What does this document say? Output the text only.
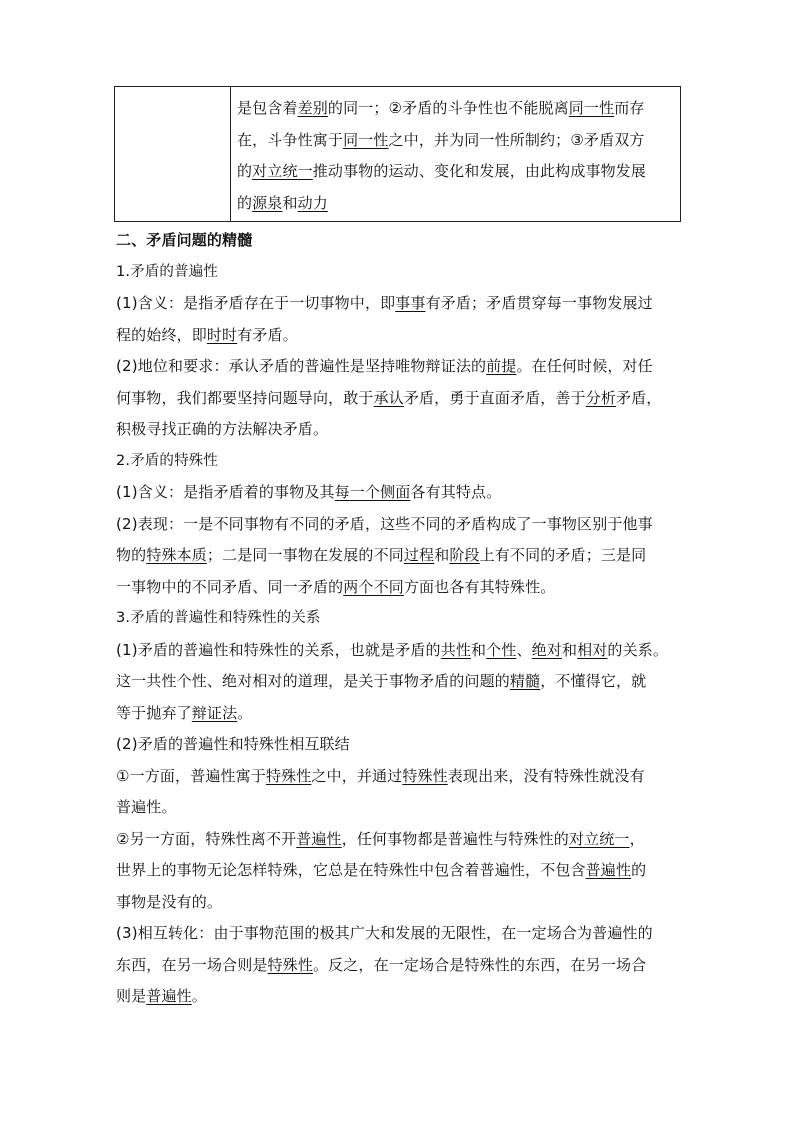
是包含着差别的同一；②矛盾的斗争性也不能脱离同一性而存
在，斗争性寓于同一性之中，并为同一性所制约；③矛盾双方
的对立统一推动事物的运动、变化和发展，由此构成事物发展
的源泉和动力
二、矛盾问题的精髓
1.矛盾的普遍性
(1)含义：是指矛盾存在于一切事物中，即事事有矛盾；矛盾贯穿每一事物发展过
程的始终，即时时有矛盾。
(2)地位和要求：承认矛盾的普遍性是坚持唯物辩证法的前提。在任何时候，对任
何事物，我们都要坚持问题导向，敢于承认矛盾，勇于直面矛盾，善于分析矛盾，
积极寻找正确的方法解决矛盾。
2.矛盾的特殊性
(1)含义：是指矛盾着的事物及其每一个侧面各有其特点。
(2)表现：一是不同事物有不同的矛盾，这些不同的矛盾构成了一事物区别于他事
物的特殊本质；二是同一事物在发展的不同过程和阶段上有不同的矛盾；三是同
一事物中的不同矛盾、同一矛盾的两个不同方面也各有其特殊性。
3.矛盾的普遍性和特殊性的关系
(1)矛盾的普遍性和特殊性的关系，也就是矛盾的共性和个性、绝对和相对的关系。
这一共性个性、绝对相对的道理，是关于事物矛盾的问题的精髓，不懂得它，就
等于抛弃了辩证法。
(2)矛盾的普遍性和特殊性相互联结
①一方面，普遍性寓于特殊性之中，并通过特殊性表现出来，没有特殊性就没有
普遍性。
②另一方面，特殊性离不开普遍性，任何事物都是普遍性与特殊性的对立统一，
世界上的事物无论怎样特殊，它总是在特殊性中包含着普遍性，不包含普遍性的
事物是没有的。
(3)相互转化：由于事物范围的极其广大和发展的无限性，在一定场合为普遍性的
东西，在另一场合则是特殊性。反之，在一定场合是特殊性的东西，在另一场合
则是普遍性。
